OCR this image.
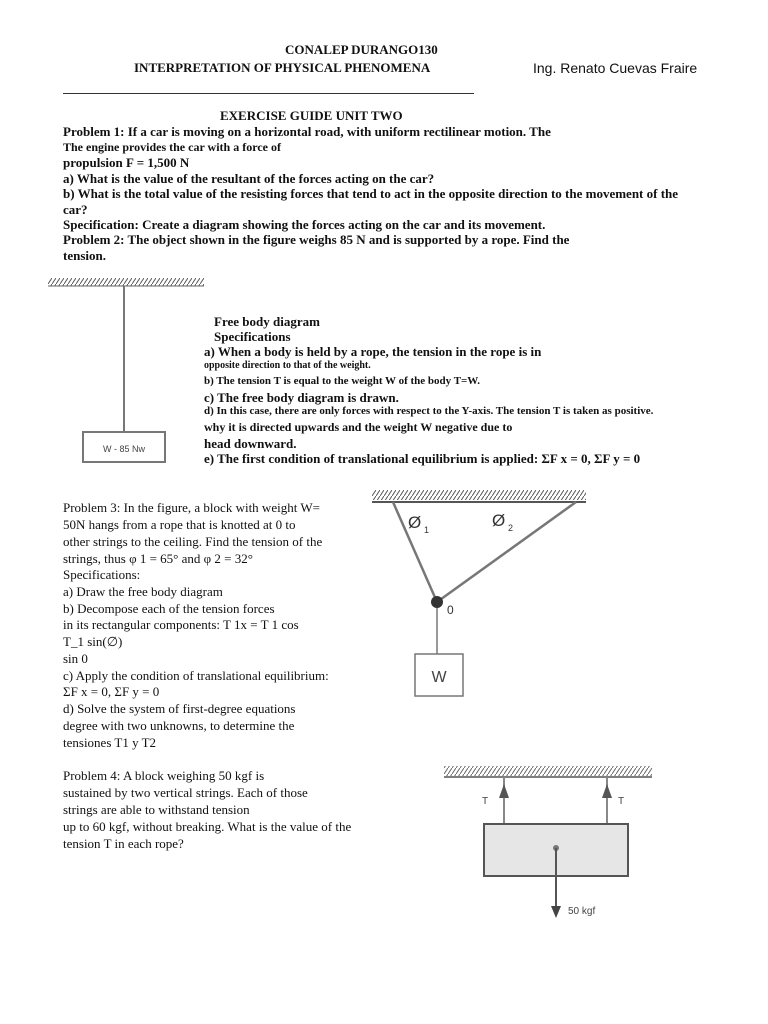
CONALEP DURANGO130
INTERPRETATION OF PHYSICAL PHENOMENA	Ing. Renato Cuevas Fraire
EXERCISE GUIDE UNIT TWO
Problem 1: If a car is moving on a horizontal road, with uniform rectilinear motion. The
The engine provides the car with a force of
propulsion F = 1,500 N
a) What is the value of the resultant of the forces acting on the car?
b) What is the total value of the resisting forces that tend to act in the opposite direction to the movement of the
car?
Specification: Create a diagram showing the forces acting on the car and its movement.
Problem 2: The object shown in the figure weighs 85 N and is supported by a rope. Find the
tension.
W - 85 Nw
Free body diagram
Specifications
a) When a body is held by a rope, the tension in the rope is in
opposite direction to that of the weight.
b) The tension T is equal to the weight W of the body T=W.
c) The free body diagram is drawn.
d) In this case, there are only forces with respect to the Y-axis. The tension T is taken as positive.
why it is directed upwards and the weight W negative due to
head downward.
e) The first condition of translational equilibrium is applied: ΣF x = 0, ΣF y = 0
Problem 3: In the figure, a block with weight W=
50N hangs from a rope that is knotted at 0 to
other strings to the ceiling. Find the tension of the
strings, thus φ 1 = 65° and φ 2 = 32°
Specifications:
a) Draw the free body diagram
b) Decompose each of the tension forces
in its rectangular components: T 1x = T 1 cos
T_1 sin(∅)
sin 0
c) Apply the condition of translational equilibrium:
ΣF x = 0, ΣF y = 0
d) Solve the system of first-degree equations
degree with two unknowns, to determine the
tensiones T1 y T2
0
Ø 1	Ø 2
W
Problem 4: A block weighing 50 kgf is
sustained by two vertical strings. Each of those
strings are able to withstand tension
up to 60 kgf, without breaking. What is the value of the
tension T in each rope?
T	T
50 kgf
